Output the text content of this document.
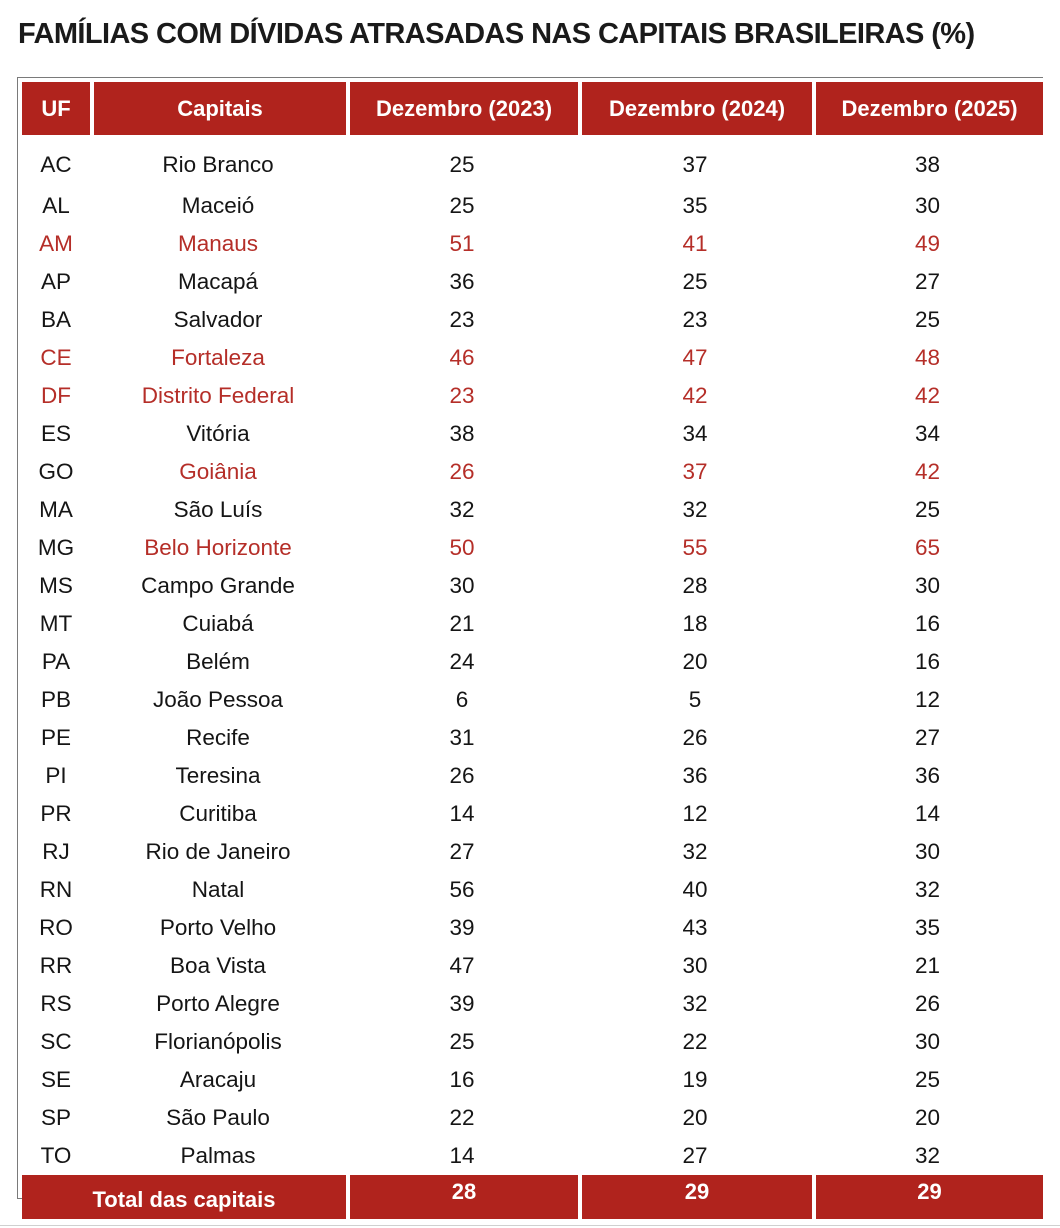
FAMÍLIAS COM DÍVIDAS ATRASADAS NAS CAPITAIS BRASILEIRAS (%)
UF	Capitais	Dezembro (2023)	Dezembro (2024)	Dezembro (2025)
AC	Rio Branco	25	37	38
AL	Maceió	25	35	30
AM	Manaus	51	41	49
AP	Macapá	36	25	27
BA	Salvador	23	23	25
CE	Fortaleza	46	47	48
DF	Distrito Federal	23	42	42
ES	Vitória	38	34	34
GO	Goiânia	26	37	42
MA	São Luís	32	32	25
MG	Belo Horizonte	50	55	65
MS	Campo Grande	30	28	30
MT	Cuiabá	21	18	16
PA	Belém	24	20	16
PB	João Pessoa	6	5	12
PE	Recife	31	26	27
PI	Teresina	26	36	36
PR	Curitiba	14	12	14
RJ	Rio de Janeiro	27	32	30
RN	Natal	56	40	32
RO	Porto Velho	39	43	35
RR	Boa Vista	47	30	21
RS	Porto Alegre	39	32	26
SC	Florianópolis	25	22	30
SE	Aracaju	16	19	25
SP	São Paulo	22	20	20
TO	Palmas	14	27	32
Total das capitais		28	29	29
